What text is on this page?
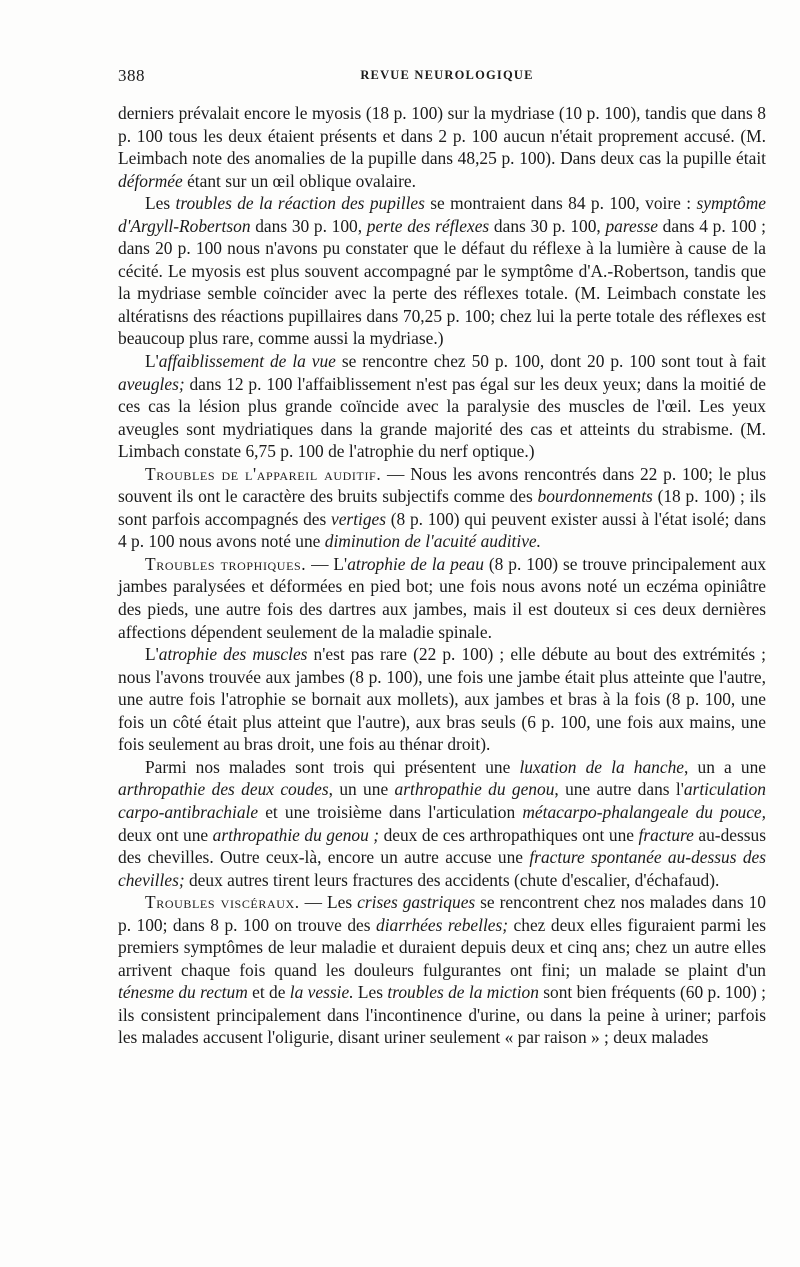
388	REVUE NEUROLOGIQUE

derniers prévalait encore le myosis (18 p. 100) sur la mydriase (10 p. 100), tandis que dans 8 p. 100 tous les deux étaient présents et dans 2 p. 100 aucun n'était proprement accusé. (M. Leimbach note des anomalies de la pupille dans 48,25 p. 100). Dans deux cas la pupille était déformée étant sur un œil oblique ovalaire.

Les troubles de la réaction des pupilles se montraient dans 84 p. 100, voire : symptôme d'Argyll-Robertson dans 30 p. 100, perte des réflexes dans 30 p. 100, paresse dans 4 p. 100 ; dans 20 p. 100 nous n'avons pu constater que le défaut du réflexe à la lumière à cause de la cécité. Le myosis est plus souvent accompagné par le symptôme d'A.-Robertson, tandis que la mydriase semble coïncider avec la perte des réflexes totale. (M. Leimbach constate les altératisns des réactions pupillaires dans 70,25 p. 100; chez lui la perte totale des réflexes est beaucoup plus rare, comme aussi la mydriase.)

L'affaiblissement de la vue se rencontre chez 50 p. 100, dont 20 p. 100 sont tout à fait aveugles; dans 12 p. 100 l'affaiblissement n'est pas égal sur les deux yeux; dans la moitié de ces cas la lésion plus grande coïncide avec la paralysie des muscles de l'œil. Les yeux aveugles sont mydriatiques dans la grande majorité des cas et atteints du strabisme. (M. Limbach constate 6,75 p. 100 de l'atrophie du nerf optique.)

Troubles de l'appareil auditif. — Nous les avons rencontrés dans 22 p. 100; le plus souvent ils ont le caractère des bruits subjectifs comme des bourdonnements (18 p. 100) ; ils sont parfois accompagnés des vertiges (8 p. 100) qui peuvent exister aussi à l'état isolé; dans 4 p. 100 nous avons noté une diminution de l'acuité auditive.

Troubles trophiques. — L'atrophie de la peau (8 p. 100) se trouve principalement aux jambes paralysées et déformées en pied bot; une fois nous avons noté un eczéma opiniâtre des pieds, une autre fois des dartres aux jambes, mais il est douteux si ces deux dernières affections dépendent seulement de la maladie spinale.

L'atrophie des muscles n'est pas rare (22 p. 100) ; elle débute au bout des extrémités ; nous l'avons trouvée aux jambes (8 p. 100), une fois une jambe était plus atteinte que l'autre, une autre fois l'atrophie se bornait aux mollets), aux jambes et bras à la fois (8 p. 100, une fois un côté était plus atteint que l'autre), aux bras seuls (6 p. 100, une fois aux mains, une fois seulement au bras droit, une fois au thénar droit).

Parmi nos malades sont trois qui présentent une luxation de la hanche, un a une arthropathie des deux coudes, un une arthropathie du genou, une autre dans l'articulation carpo-antibrachiale et une troisième dans l'articulation métacarpo-phalangeale du pouce, deux ont une arthropathie du genou ; deux de ces arthropathiques ont une fracture au-dessus des chevilles. Outre ceux-là, encore un autre accuse une fracture spontanée au-dessus des chevilles; deux autres tirent leurs fractures des accidents (chute d'escalier, d'échafaud).

Troubles viscéraux. — Les crises gastriques se rencontrent chez nos malades dans 10 p. 100; dans 8 p. 100 on trouve des diarrhées rebelles; chez deux elles figuraient parmi les premiers symptômes de leur maladie et duraient depuis deux et cinq ans; chez un autre elles arrivent chaque fois quand les douleurs fulgurantes ont fini; un malade se plaint d'un ténesme du rectum et de la vessie. Les troubles de la miction sont bien fréquents (60 p. 100) ; ils consistent principalement dans l'incontinence d'urine, ou dans la peine à uriner; parfois les malades accusent l'oligurie, disant uriner seulement « par raison » ; deux malades
